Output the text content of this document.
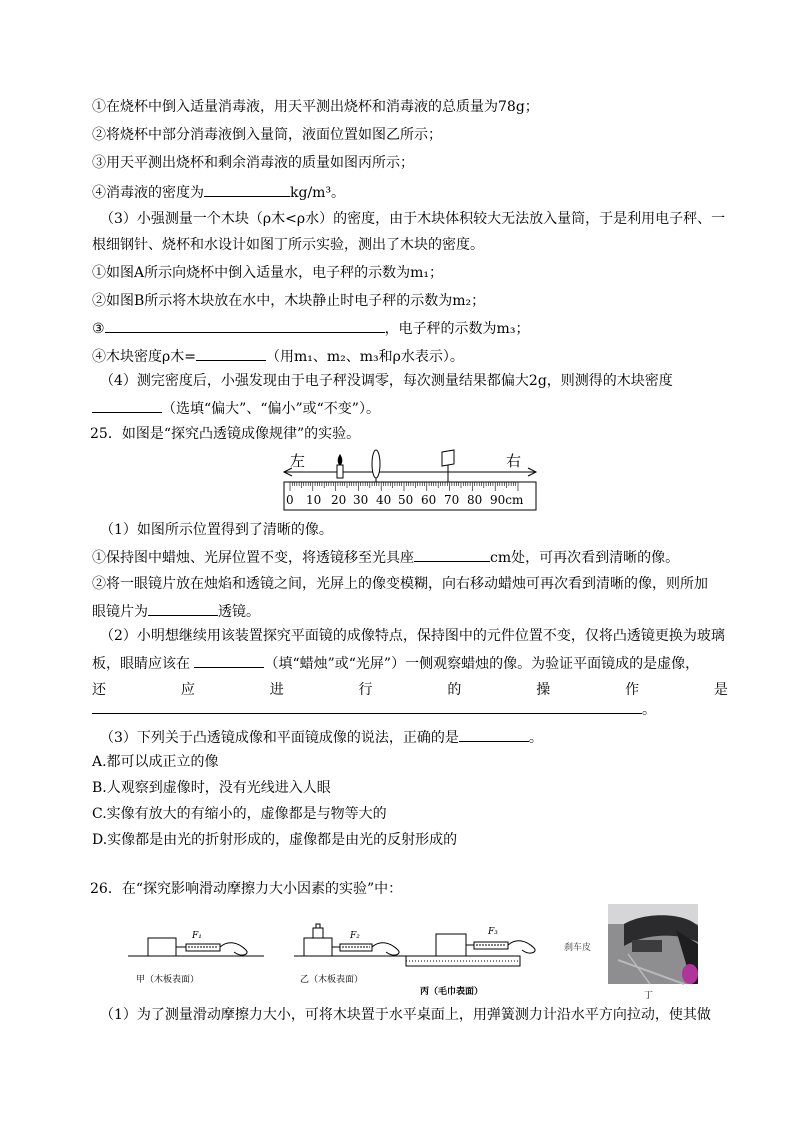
①在烧杯中倒入适量消毒液，用天平测出烧杯和消毒液的总质量为78g；
②将烧杯中部分消毒液倒入量筒，液面位置如图乙所示；
③用天平测出烧杯和剩余消毒液的质量如图丙所示；
④消毒液的密度为	kg/m³。
（3）小强测量一个木块（ρ木<ρ水）的密度，由于木块体积较大无法放入量筒，于是利用电子秤、一
根细钢针、烧杯和水设计如图丁所示实验，测出了木块的密度。
①如图A所示向烧杯中倒入适量水，电子秤的示数为m₁；
②如图B所示将木块放在水中，木块静止时电子秤的示数为m₂；
③	，电子秤的示数为m₃；
④木块密度ρ木=	（用m₁、m₂、m₃和ρ水表示）。
（4）测完密度后，小强发现由于电子秤没调零，每次测量结果都偏大2g，则测得的木块密度
（选填“偏大”、“偏小”或“不变”）。
25．如图是“探究凸透镜成像规律”的实验。
左	右
0 10 20 30 40 50 60 70 80 90cm
（1）如图所示位置得到了清晰的像。
①保持图中蜡烛、光屏位置不变，将透镜移至光具座	cm处，可再次看到清晰的像。
②将一眼镜片放在烛焰和透镜之间，光屏上的像变模糊，向右移动蜡烛可再次看到清晰的像，则所加
眼镜片为	透镜。
（2）小明想继续用该装置探究平面镜的成像特点，保持图中的元件位置不变，仅将凸透镜更换为玻璃
板，眼睛应该在	（填“蜡烛”或“光屏”）一侧观察蜡烛的像。为验证平面镜成的是虚像，
还	应	进	行	的	操	作	是
。
（3）下列关于凸透镜成像和平面镜成像的说法，正确的是	。
A.都可以成正立的像
B.人观察到虚像时，没有光线进入人眼
C.实像有放大的有缩小的，虚像都是与物等大的
D.实像都是由光的折射形成的，虚像都是由光的反射形成的
26．在“探究影响滑动摩擦力大小因素的实验”中：
F₁
甲（木板表面）
F₂
乙（木板表面）
F₃
丙（毛巾表面）
刹车皮
丁
（1）为了测量滑动摩擦力大小，可将木块置于水平桌面上，用弹簧测力计沿水平方向拉动，使其做
